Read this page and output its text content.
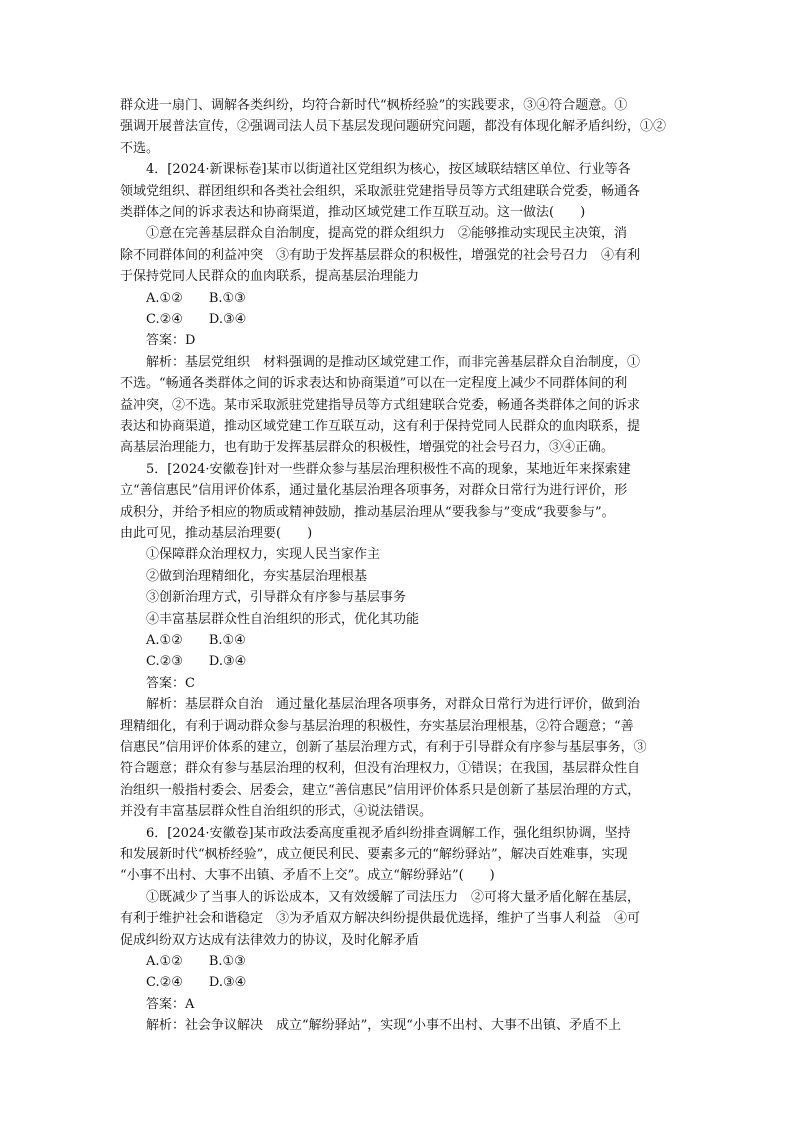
群众进一扇门、调解各类纠纷，均符合新时代“枫桥经验”的实践要求，③④符合题意。①
强调开展普法宣传，②强调司法人员下基层发现问题研究问题，都没有体现化解矛盾纠纷，①②
不选。
4．[2024·新课标卷]某市以街道社区党组织为核心，按区域联结辖区单位、行业等各
领域党组织、群团组织和各类社会组织，采取派驻党建指导员等方式组建联合党委，畅通各
类群体之间的诉求表达和协商渠道，推动区域党建工作互联互动。这一做法(　　)
①意在完善基层群众自治制度，提高党的群众组织力　②能够推动实现民主决策，消
除不同群体间的利益冲突　③有助于发挥基层群众的积极性，增强党的社会号召力　④有利
于保持党同人民群众的血肉联系，提高基层治理能力
A.①②　　B.①③
C.②④　　D.③④
答案：D
解析：基层党组织　材料强调的是推动区域党建工作，而非完善基层群众自治制度，①
不选。“畅通各类群体之间的诉求表达和协商渠道”可以在一定程度上减少不同群体间的利
益冲突，②不选。某市采取派驻党建指导员等方式组建联合党委，畅通各类群体之间的诉求
表达和协商渠道，推动区域党建工作互联互动，这有利于保持党同人民群众的血肉联系，提
高基层治理能力，也有助于发挥基层群众的积极性，增强党的社会号召力，③④正确。
5．[2024·安徽卷]针对一些群众参与基层治理积极性不高的现象，某地近年来探索建
立“善信惠民”信用评价体系，通过量化基层治理各项事务，对群众日常行为进行评价，形
成积分，并给予相应的物质或精神鼓励，推动基层治理从“要我参与”变成“我要参与”。
由此可见，推动基层治理要(　　)
①保障群众治理权力，实现人民当家作主
②做到治理精细化，夯实基层治理根基
③创新治理方式，引导群众有序参与基层事务
④丰富基层群众性自治组织的形式，优化其功能
A.①②　　B.①④
C.②③　　D.③④
答案：C
解析：基层群众自治　通过量化基层治理各项事务，对群众日常行为进行评价，做到治
理精细化，有利于调动群众参与基层治理的积极性，夯实基层治理根基，②符合题意；“善
信惠民”信用评价体系的建立，创新了基层治理方式，有利于引导群众有序参与基层事务，③
符合题意；群众有参与基层治理的权利，但没有治理权力，①错误；在我国，基层群众性自
治组织一般指村委会、居委会，建立“善信惠民”信用评价体系只是创新了基层治理的方式，
并没有丰富基层群众性自治组织的形式，④说法错误。
6．[2024·安徽卷]某市政法委高度重视矛盾纠纷排查调解工作，强化组织协调，坚持
和发展新时代“枫桥经验”，成立便民利民、要素多元的“解纷驿站”，解决百姓难事，实现
“小事不出村、大事不出镇、矛盾不上交”。成立“解纷驿站”(　　)
①既减少了当事人的诉讼成本，又有效缓解了司法压力　②可将大量矛盾化解在基层，
有利于维护社会和谐稳定　③为矛盾双方解决纠纷提供最优选择，维护了当事人利益　④可
促成纠纷双方达成有法律效力的协议，及时化解矛盾
A.①②　　B.①③
C.②④　　D.③④
答案：A
解析：社会争议解决　成立“解纷驿站”，实现“小事不出村、大事不出镇、矛盾不上
